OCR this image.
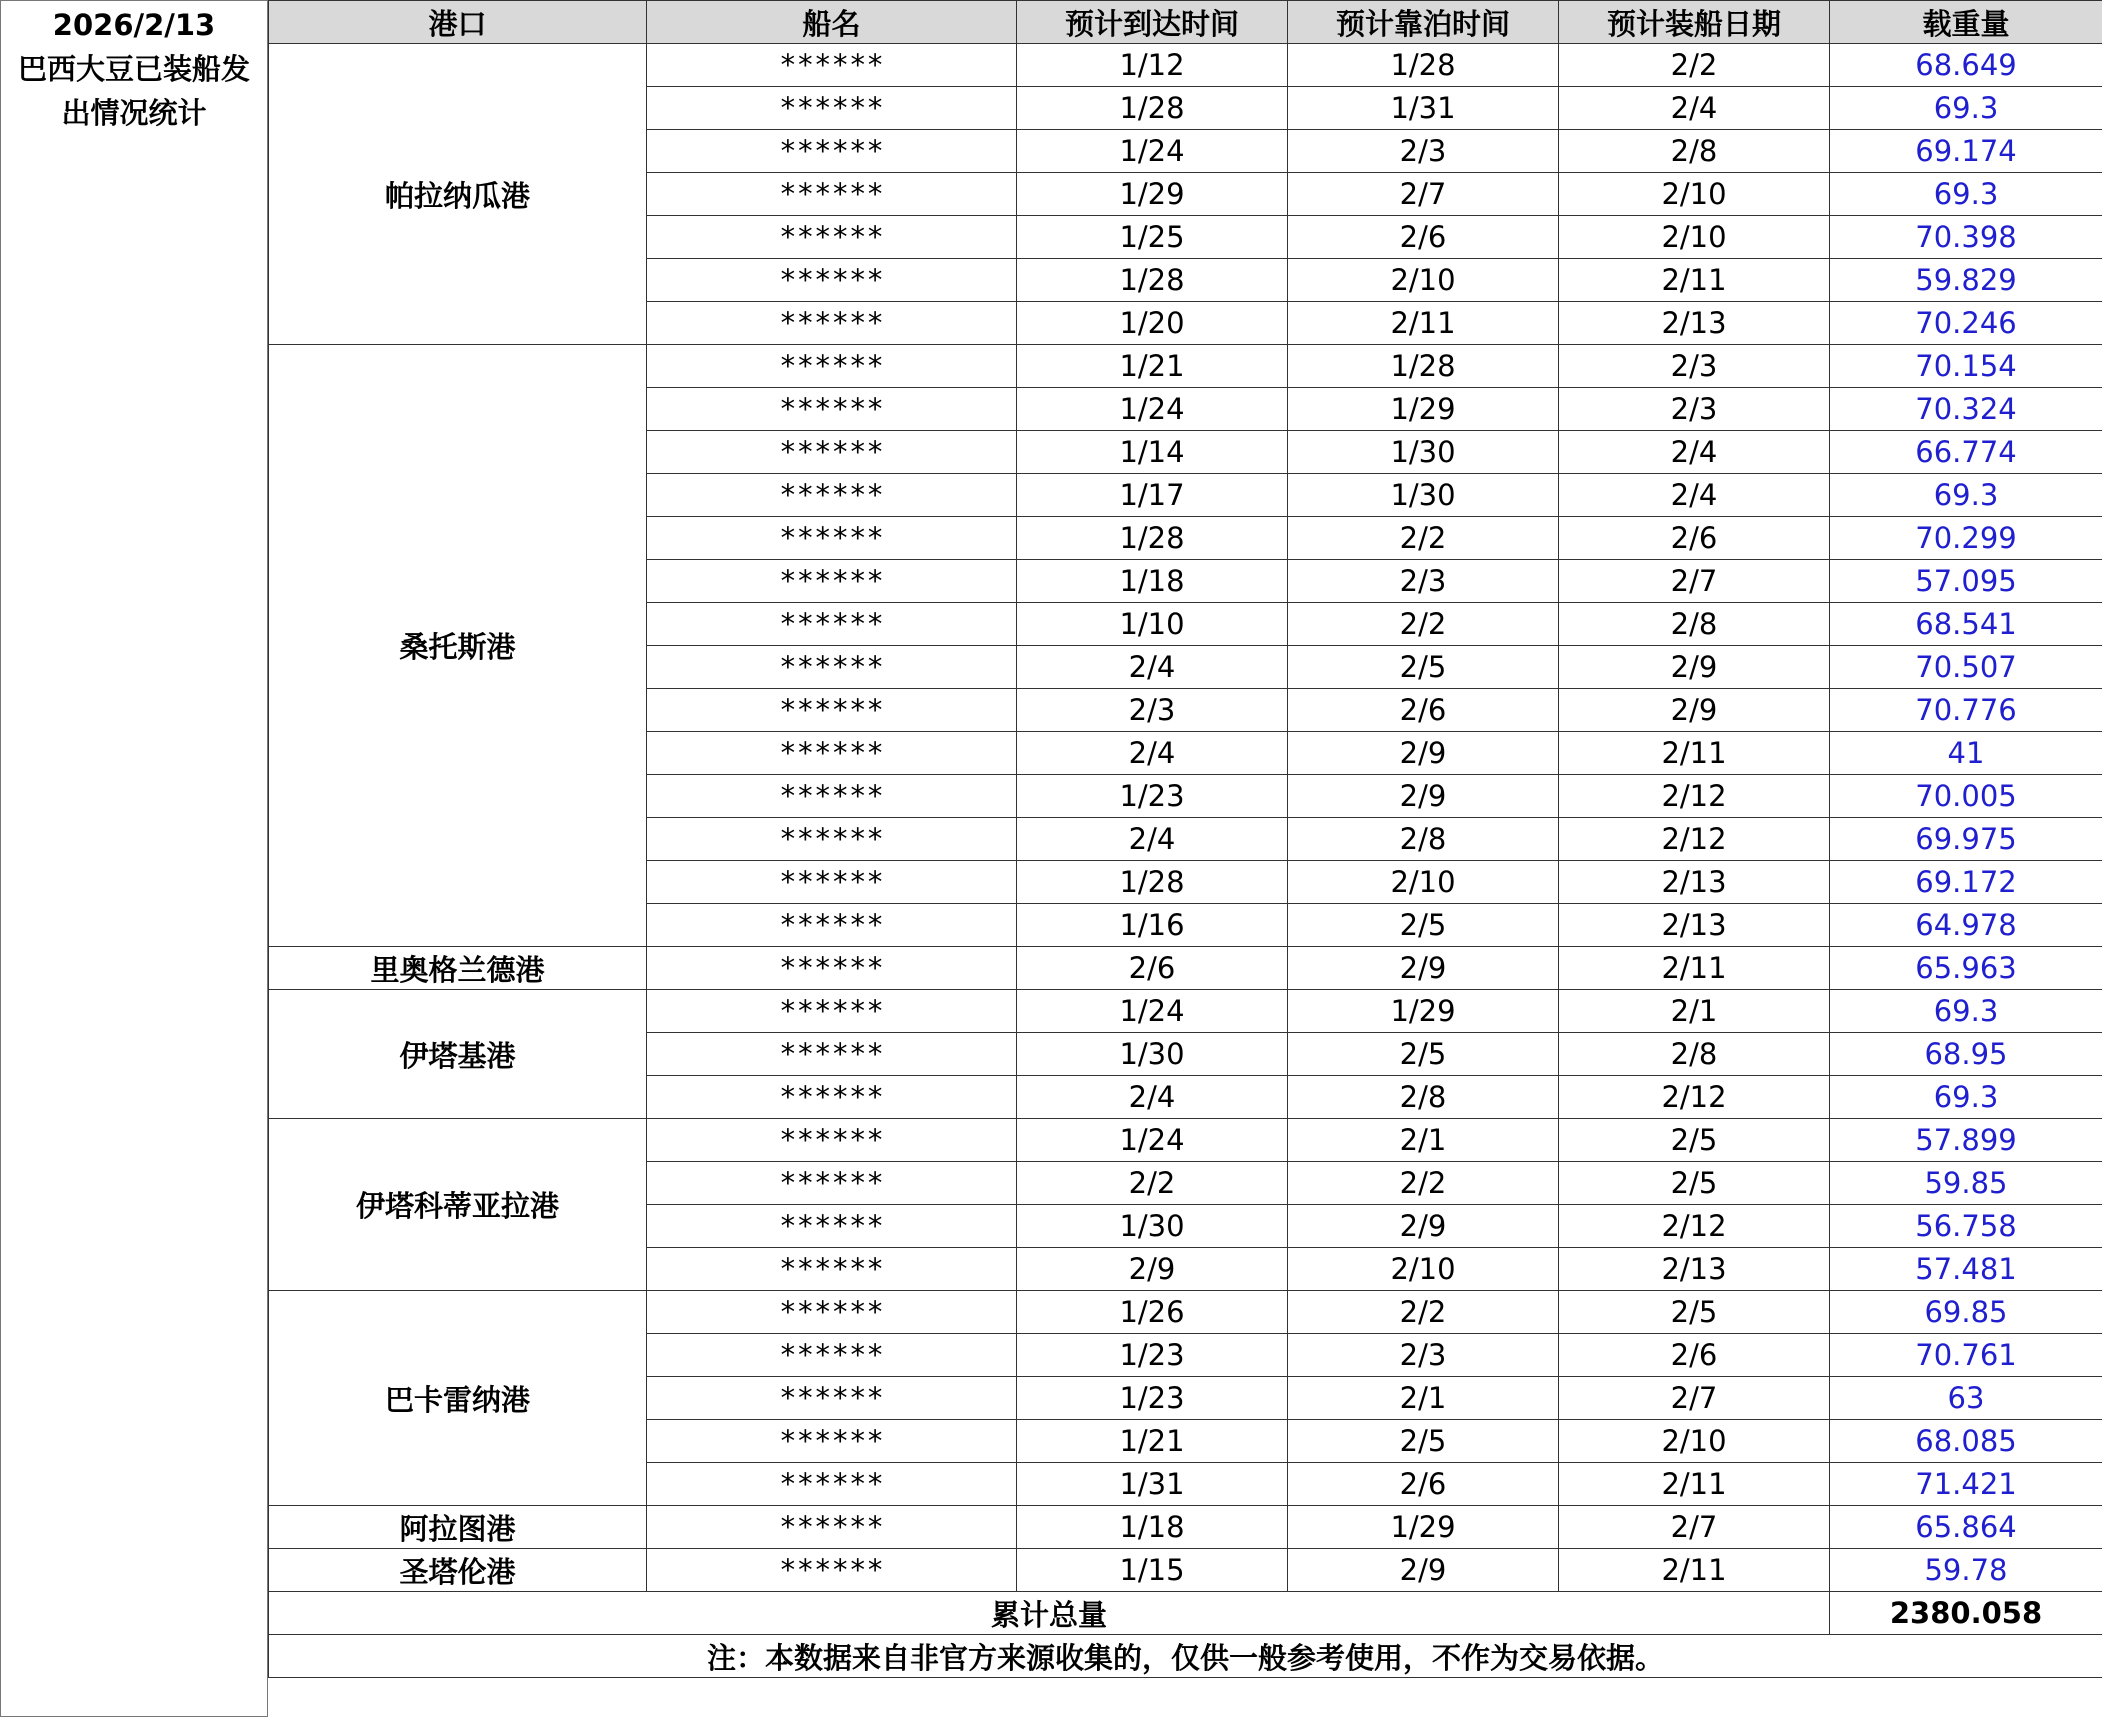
2026/2/13
巴西大豆已装船发出情况统计
港口	船名	预计到达时间	预计靠泊时间	预计装船日期	载重量
帕拉纳瓜港	******	1/12	1/28	2/2	68.649
	******	1/28	1/31	2/4	69.3
	******	1/24	2/3	2/8	69.174
	******	1/29	2/7	2/10	69.3
	******	1/25	2/6	2/10	70.398
	******	1/28	2/10	2/11	59.829
	******	1/20	2/11	2/13	70.246
桑托斯港	******	1/21	1/28	2/3	70.154
	******	1/24	1/29	2/3	70.324
	******	1/14	1/30	2/4	66.774
	******	1/17	1/30	2/4	69.3
	******	1/28	2/2	2/6	70.299
	******	1/18	2/3	2/7	57.095
	******	1/10	2/2	2/8	68.541
	******	2/4	2/5	2/9	70.507
	******	2/3	2/6	2/9	70.776
	******	2/4	2/9	2/11	41
	******	1/23	2/9	2/12	70.005
	******	2/4	2/8	2/12	69.975
	******	1/28	2/10	2/13	69.172
	******	1/16	2/5	2/13	64.978
里奥格兰德港	******	2/6	2/9	2/11	65.963
伊塔基港	******	1/24	1/29	2/1	69.3
	******	1/30	2/5	2/8	68.95
	******	2/4	2/8	2/12	69.3
伊塔科蒂亚拉港	******	1/24	2/1	2/5	57.899
	******	2/2	2/2	2/5	59.85
	******	1/30	2/9	2/12	56.758
	******	2/9	2/10	2/13	57.481
巴卡雷纳港	******	1/26	2/2	2/5	69.85
	******	1/23	2/3	2/6	70.761
	******	1/23	2/1	2/7	63
	******	1/21	2/5	2/10	68.085
	******	1/31	2/6	2/11	71.421
阿拉图港	******	1/18	1/29	2/7	65.864
圣塔伦港	******	1/15	2/9	2/11	59.78
累计总量					2380.058
注：本数据来自非官方来源收集的，仅供一般参考使用，不作为交易依据。					
